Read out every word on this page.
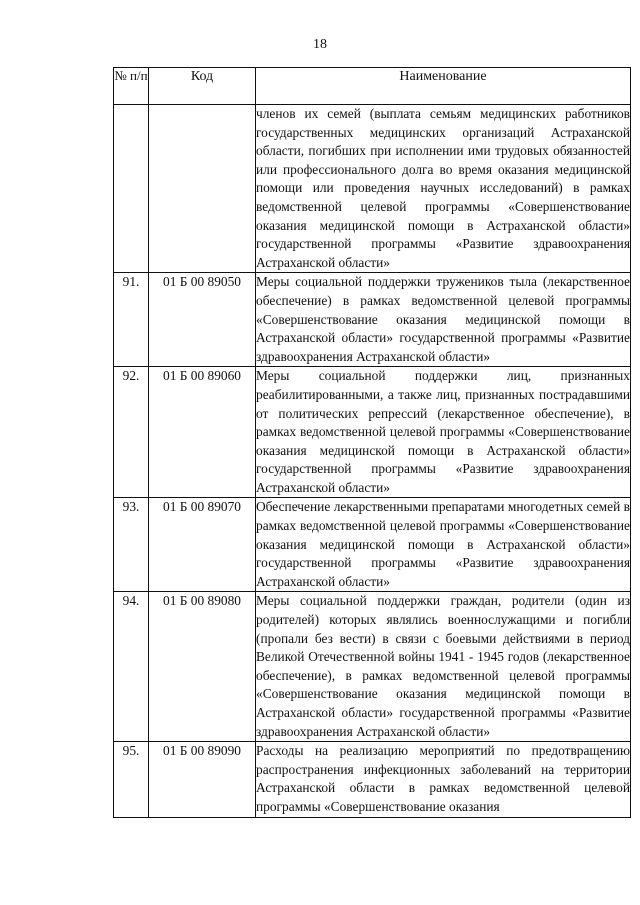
18
№ п/п	Код	Наименование
		членов их семей (выплата семьям медицинских работников государственных медицинских организаций Астраханской области, погибших при исполнении ими трудовых обязанностей или профессионального долга во время оказания медицинской помощи или проведения научных исследований) в рамках ведомственной целевой программы «Совершенствование оказания медицинской помощи в Астраханской области» государственной программы «Развитие здравоохранения Астраханской области»
91.	01 Б 00 89050	Меры социальной поддержки тружеников тыла (лекарственное обеспечение) в рамках ведомственной целевой программы «Совершенствование оказания медицинской помощи в Астраханской области» государственной программы «Развитие здравоохранения Астраханской области»
92.	01 Б 00 89060	Меры социальной поддержки лиц, признанных реабилитированными, а также лиц, признанных пострадавшими от политических репрессий (лекарственное обеспечение), в рамках ведомственной целевой программы «Совершенствование оказания медицинской помощи в Астраханской области» государственной программы «Развитие здравоохранения Астраханской области»
93.	01 Б 00 89070	Обеспечение лекарственными препаратами многодетных семей в рамках ведомственной целевой программы «Совершенствование оказания медицинской помощи в Астраханской области» государственной программы «Развитие здравоохранения Астраханской области»
94.	01 Б 00 89080	Меры социальной поддержки граждан, родители (один из родителей) которых являлись военнослужащими и погибли (пропали без вести) в связи с боевыми действиями в период Великой Отечественной войны 1941 - 1945 годов (лекарственное обеспечение), в рамках ведомственной целевой программы «Совершенствование оказания медицинской помощи в Астраханской области» государственной программы «Развитие здравоохранения Астраханской области»
95.	01 Б 00 89090	Расходы на реализацию мероприятий по предотвращению распространения инфекционных заболеваний на территории Астраханской области в рамках ведомственной целевой программы «Совершенствование оказания
